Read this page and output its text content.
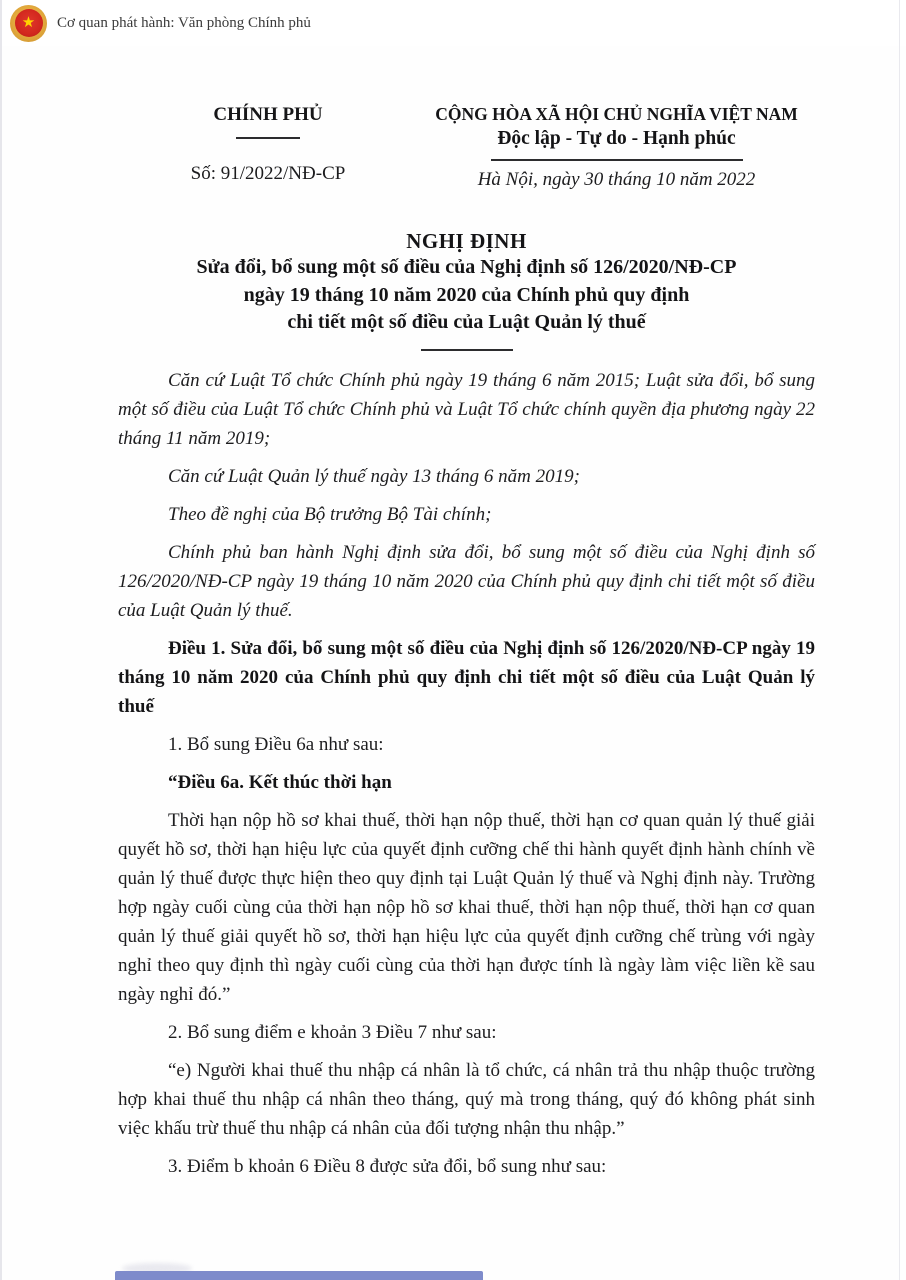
★ Cơ quan phát hành: Văn phòng Chính phủ
CHÍNH PHỦ
Số: 91/2022/NĐ-CP
CỘNG HÒA XÃ HỘI CHỦ NGHĨA VIỆT NAM
Độc lập - Tự do - Hạnh phúc
Hà Nội, ngày 30 tháng 10 năm 2022
NGHỊ ĐỊNH
Sửa đổi, bổ sung một số điều của Nghị định số 126/2020/NĐ-CP
ngày 19 tháng 10 năm 2020 của Chính phủ quy định
chi tiết một số điều của Luật Quản lý thuế

Căn cứ Luật Tổ chức Chính phủ ngày 19 tháng 6 năm 2015; Luật sửa đổi, bổ sung một số điều của Luật Tổ chức Chính phủ và Luật Tổ chức chính quyền địa phương ngày 22 tháng 11 năm 2019;

Căn cứ Luật Quản lý thuế ngày 13 tháng 6 năm 2019;

Theo đề nghị của Bộ trưởng Bộ Tài chính;

Chính phủ ban hành Nghị định sửa đổi, bổ sung một số điều của Nghị định số 126/2020/NĐ-CP ngày 19 tháng 10 năm 2020 của Chính phủ quy định chi tiết một số điều của Luật Quản lý thuế.

Điều 1. Sửa đổi, bổ sung một số điều của Nghị định số 126/2020/NĐ-CP ngày 19 tháng 10 năm 2020 của Chính phủ quy định chi tiết một số điều của Luật Quản lý thuế

1. Bổ sung Điều 6a như sau:

“Điều 6a. Kết thúc thời hạn

Thời hạn nộp hồ sơ khai thuế, thời hạn nộp thuế, thời hạn cơ quan quản lý thuế giải quyết hồ sơ, thời hạn hiệu lực của quyết định cưỡng chế thi hành quyết định hành chính về quản lý thuế được thực hiện theo quy định tại Luật Quản lý thuế và Nghị định này. Trường hợp ngày cuối cùng của thời hạn nộp hồ sơ khai thuế, thời hạn nộp thuế, thời hạn cơ quan quản lý thuế giải quyết hồ sơ, thời hạn hiệu lực của quyết định cưỡng chế trùng với ngày nghỉ theo quy định thì ngày cuối cùng của thời hạn được tính là ngày làm việc liền kề sau ngày nghỉ đó.”

2. Bổ sung điểm e khoản 3 Điều 7 như sau:

“e) Người khai thuế thu nhập cá nhân là tổ chức, cá nhân trả thu nhập thuộc trường hợp khai thuế thu nhập cá nhân theo tháng, quý mà trong tháng, quý đó không phát sinh việc khấu trừ thuế thu nhập cá nhân của đối tượng nhận thu nhập.”

3. Điểm b khoản 6 Điều 8 được sửa đổi, bổ sung như sau:
